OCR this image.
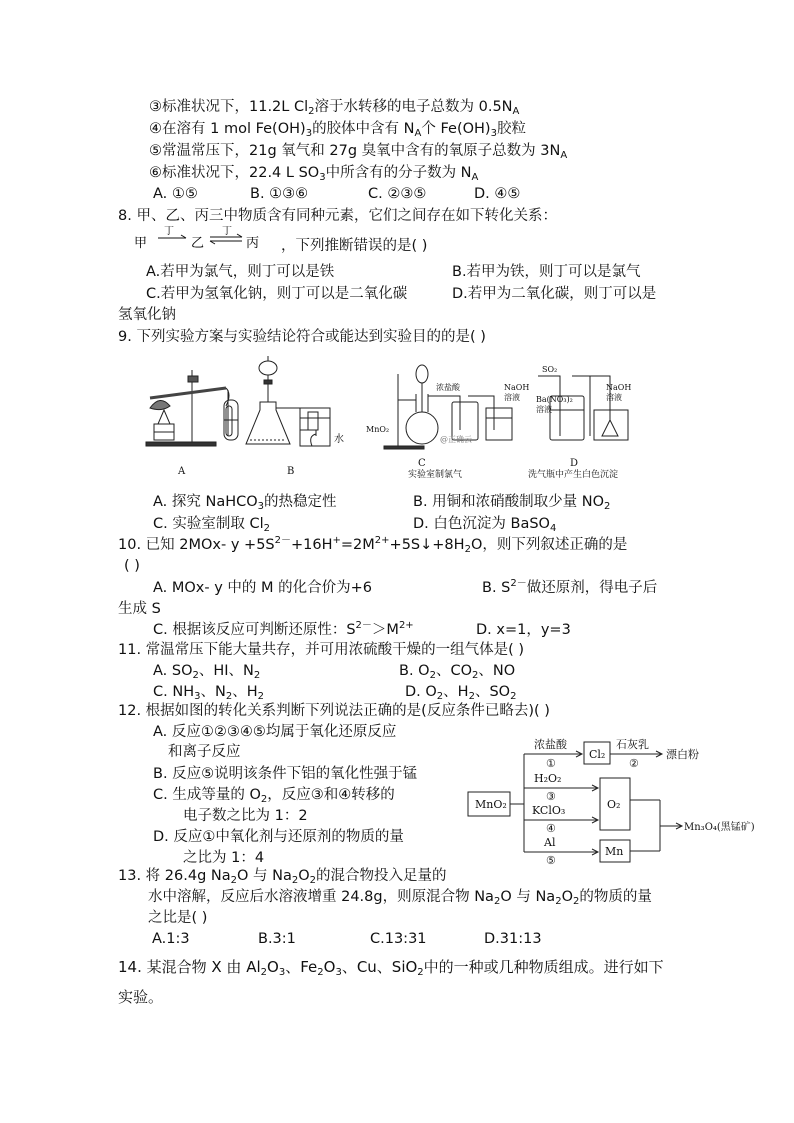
③标准状况下，11.2L $Cl_2$溶于水转移的电子总数为 $0.5N_A$
④在溶有 1 mol $Fe(OH)_3$的胶体中含有 $N_A$个 $Fe(OH)_3$胶粒
⑤常温常压下，21g 氧气和 27g 臭氧中含有的氧原子总数为 $3N_A$
⑥标准状况下，22.4 L $SO_3$中所含有的分子数为 $N_A$
A. ①⑤	B. ①③⑥	C. ②③⑤	D. ④⑤
8. 甲、乙、丙三中物质含有同种元素，它们之间存在如下转化关系：
甲
丁
乙
丁
丙 ，下列推断错误的是( )
A.若甲为氯气，则丁可以是铁	B.若甲为铁，则丁可以是氯气
C.若甲为氢氧化钠，则丁可以是二氧化碳	D.若甲为二氧化碳，则丁可以是
氢氧化钠
9. 下列实验方案与实验结论符合或能达到实验目的的是( )
A	B
水
浓盐酸
MnO₂
NaOH
溶液
@正确云
C
实验室制氯气
SO₂
Ba(NO₃)₂
溶液
NaOH
溶液
D
洗气瓶中产生白色沉淀
A. 探究 NaHCO$_3$的热稳定性	B. 用铜和浓硝酸制取少量 $NO_2$
C. 实验室制取 $Cl_2$	D. 白色沉淀为 BaSO$_4$
10. 已知 2MOx- $y +5S^{2-}+16H^+=2M^{2+}+5S↓+8H_2O$，则下列叙述正确的是
( )
A. MOx- y 中的 M 的化合价为+6	B. $S^{2-}$做还原剂，得电子后
生成 S
C. 根据该反应可判断还原性：$S^{2-}>M^{2+}$	D. x=1，y=3
11. 常温常压下能大量共存，并可用浓硫酸干燥的一组气体是( )
A. $SO_2$、HI、$N_2$	B. $O_2$、$CO_2$、NO
C. $NH_3$、$N_2$、$H_2$	D. $O_2$、$H_2$、$SO_2$
12. 根据如图的转化关系判断下列说法正确的是(反应条件已略去)( )
A. 反应①②③④⑤均属于氧化还原反应
和离子反应
B. 反应⑤说明该条件下铝的氧化性强于锰
C. 生成等量的 $O_2$，反应③和④转移的
电子数之比为 1：2
D. 反应①中氧化剂与还原剂的物质的量
之比为 1：4
MnO₂
浓盐酸
①
Cl₂
石灰乳
②
漂白粉
H₂O₂
③
KClO₃
④
O₂
Al
⑤
Mn
Mn₃O₄(黑锰矿)
13. 将 26.4g $Na_2O$ 与 $Na_2O_2$的混合物投入足量的
水中溶解，反应后水溶液增重 24.8g，则原混合物 $Na_2O$ 与 $Na_2O_2$的物质的量
之比是( )
A.1:3	B.3:1	C.13:31	D.31:13
14. 某混合物 X 由 $Al_2O_3$、$Fe_2O_3$、Cu、SiO$_2$中的一种或几种物质组成。进行如下
实验。
